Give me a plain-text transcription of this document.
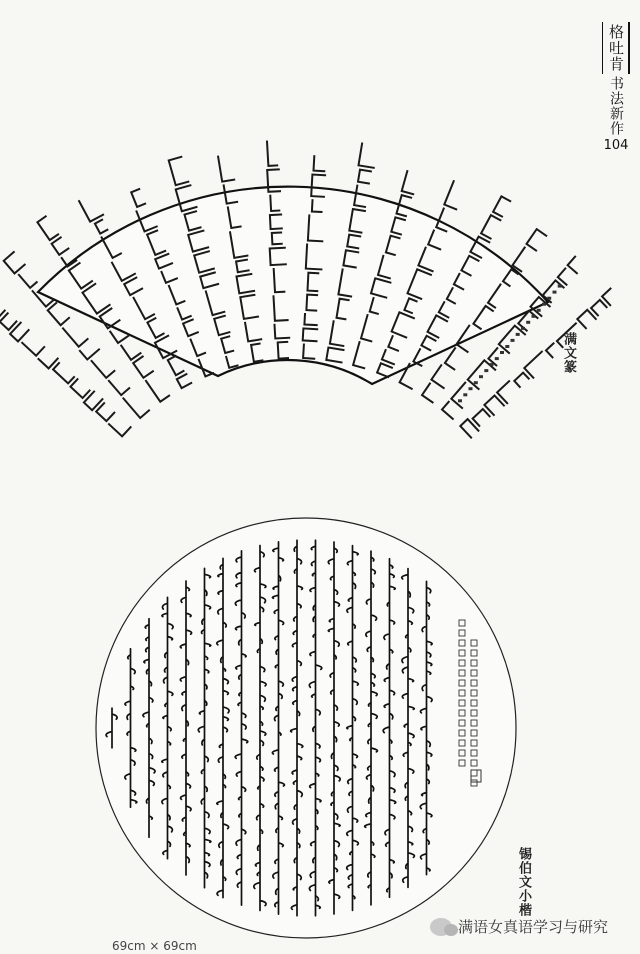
格吐肯
书法新作
104
满文篆
锡伯文小楷
69cm × 69cm
满语女真语学习与研究
